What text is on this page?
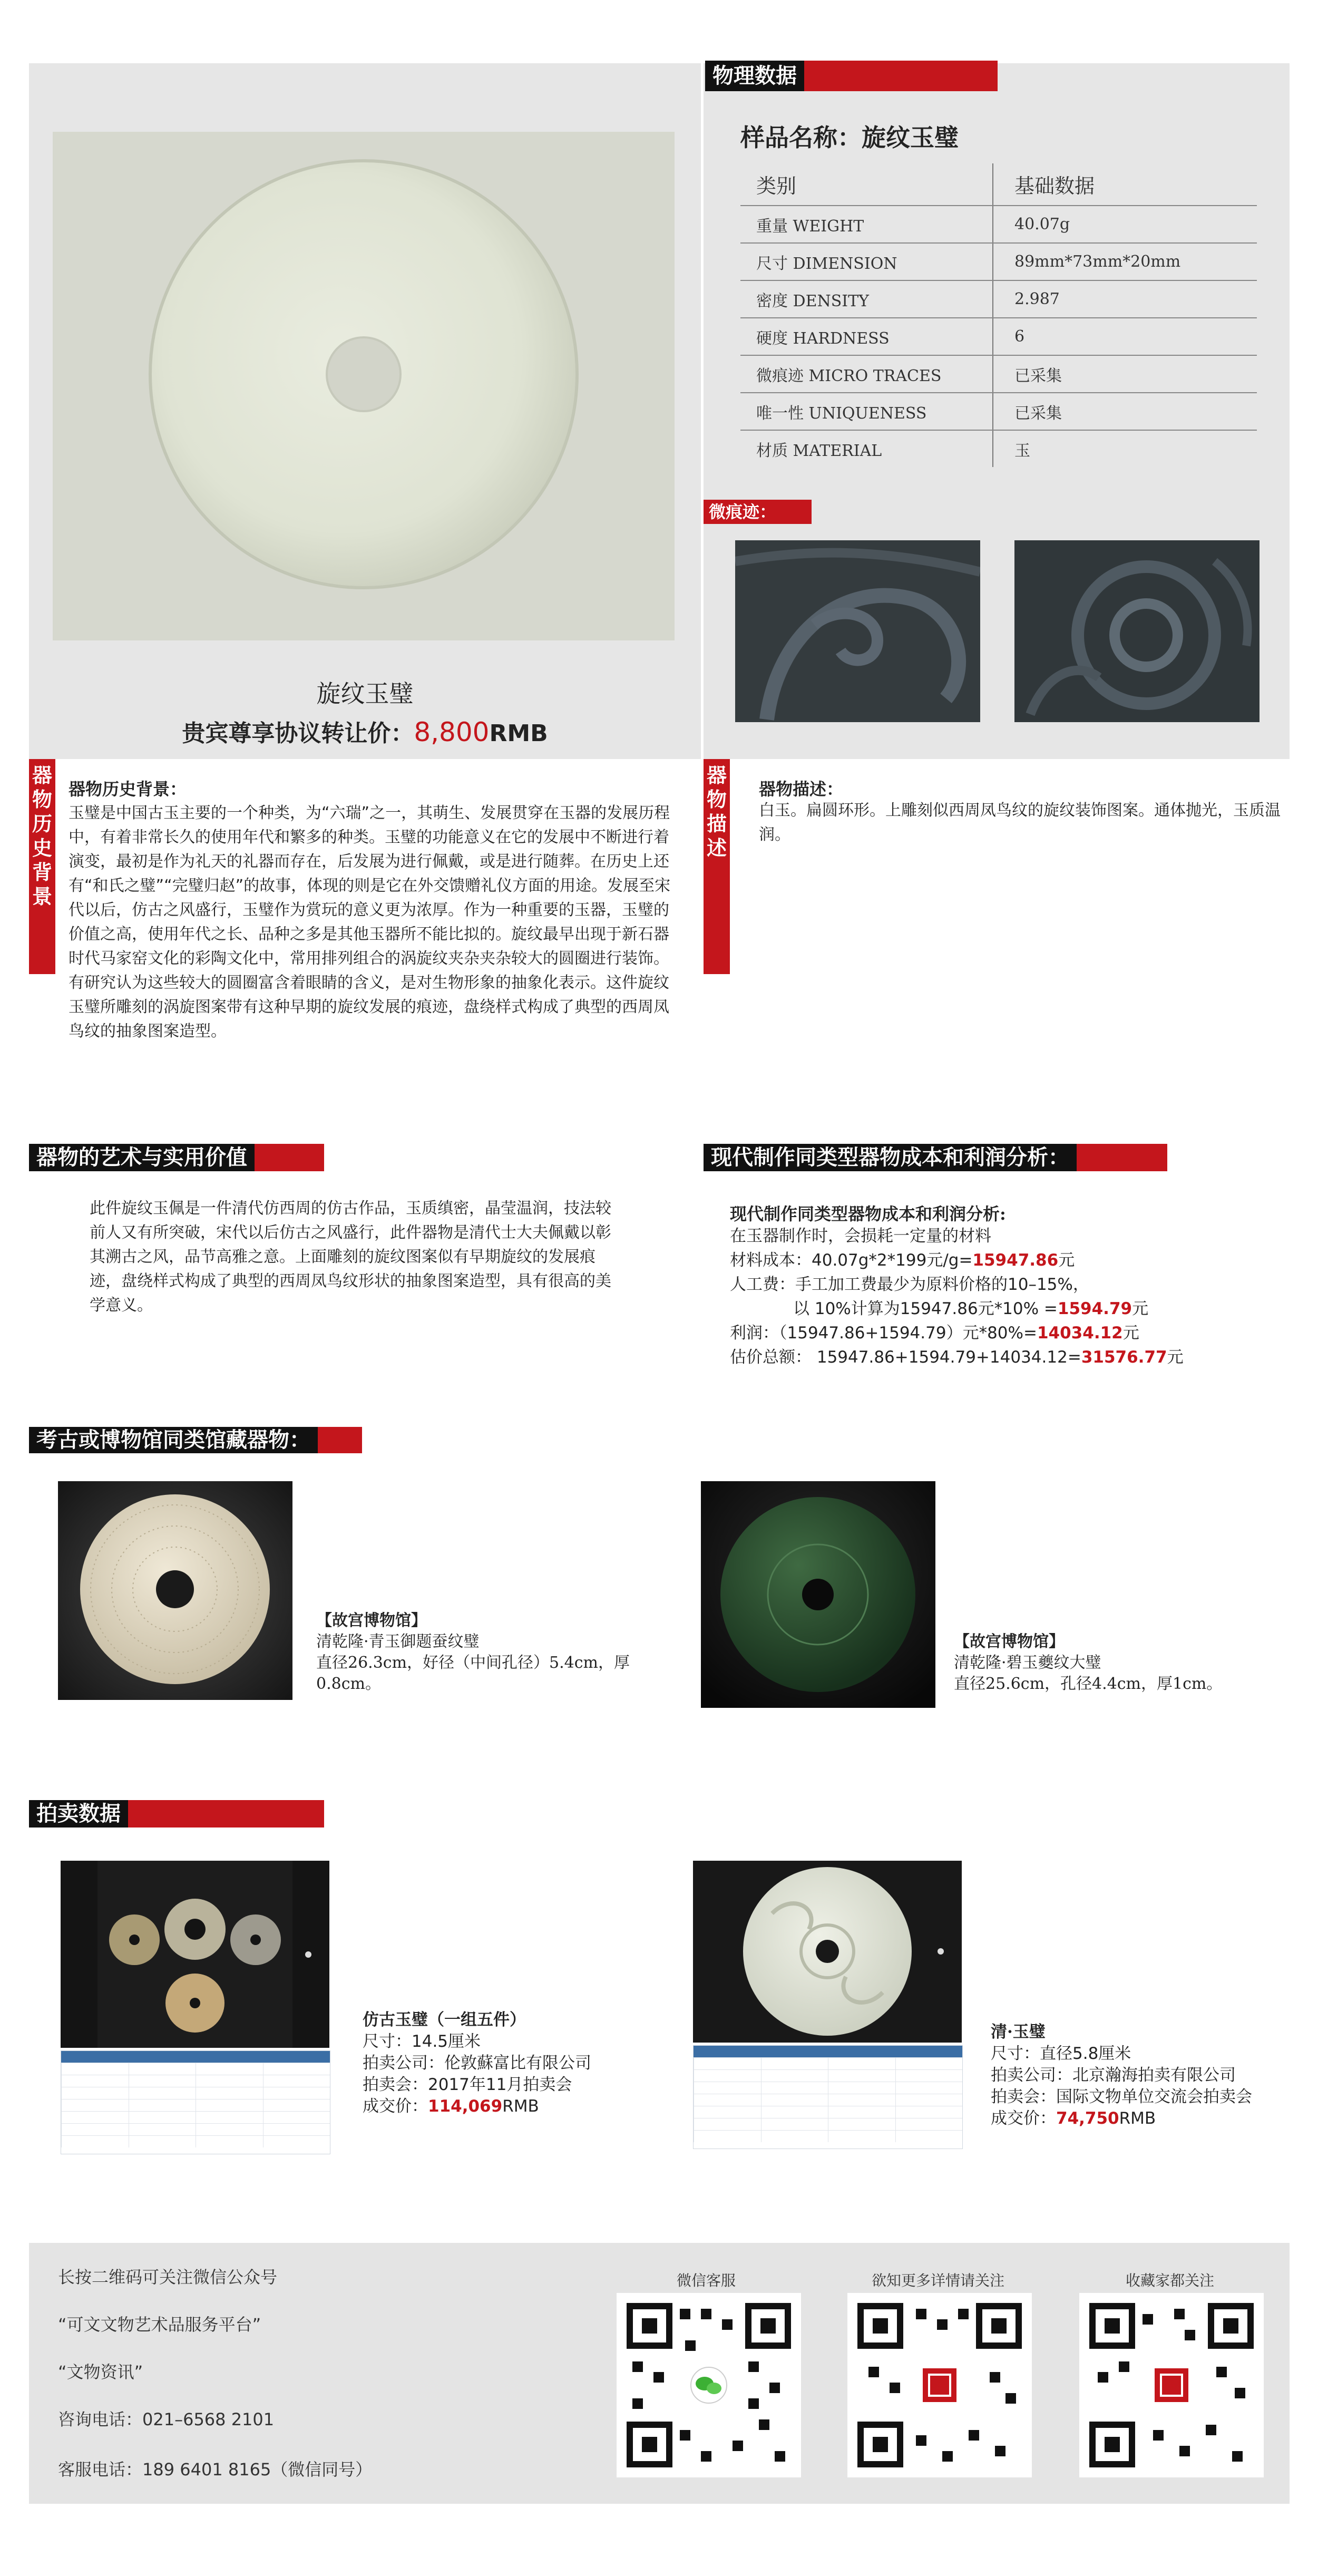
旋纹玉璧
贵宾尊享协议转让价：8,800RMB
物理数据
样品名称：旋纹玉璧
类别	基础数据
重量 WEIGHT	40.07g
尺寸 DIMENSION	89mm*73mm*20mm
密度 DENSITY	2.987
硬度 HARDNESS	6
微痕迹 MICRO TRACES	已采集
唯一性 UNIQUENESS	已采集
材质 MATERIAL	玉
微痕迹：
器物历史背景
器物历史背景：
玉璧是中国古玉主要的一个种类，为“六瑞”之一，其萌生、发展贯穿在玉器的发展历程中，有着非常长久的使用年代和繁多的种类。玉璧的功能意义在它的发展中不断进行着演变，最初是作为礼天的礼器而存在，后发展为进行佩戴，或是进行随葬。在历史上还有“和氏之璧”“完璧归赵”的故事，体现的则是它在外交馈赠礼仪方面的用途。发展至宋代以后，仿古之风盛行，玉璧作为赏玩的意义更为浓厚。作为一种重要的玉器，玉璧的价值之高，使用年代之长、品种之多是其他玉器所不能比拟的。旋纹最早出现于新石器时代马家窑文化的彩陶文化中，常用排列组合的涡旋纹夹杂夹杂较大的圆圈进行装饰。有研究认为这些较大的圆圈富含着眼睛的含义，是对生物形象的抽象化表示。这件旋纹玉璧所雕刻的涡旋图案带有这种早期的旋纹发展的痕迹，盘绕样式构成了典型的西周凤鸟纹的抽象图案造型。
器物描述
器物描述：
白玉。扁圆环形。上雕刻似西周凤鸟纹的旋纹装饰图案。通体抛光，玉质温润。
器物的艺术与实用价值
此件旋纹玉佩是一件清代仿西周的仿古作品，玉质缜密，晶莹温润，技法较前人又有所突破，宋代以后仿古之风盛行，此件器物是清代士大夫佩戴以彰其溯古之风，品节高雅之意。上面雕刻的旋纹图案似有早期旋纹的发展痕迹，盘绕样式构成了典型的西周凤鸟纹形状的抽象图案造型，具有很高的美学意义。
现代制作同类型器物成本和利润分析：
现代制作同类型器物成本和利润分析:
在玉器制作时，会损耗一定量的材料
材料成本：40.07g*2*199元/g=15947.86元
人工费：手工加工费最少为原料价格的10–15%，
以 10%计算为15947.86元*10% =1594.79元
利润：（15947.86+1594.79）元*80%=14034.12元
估价总额： 15947.86+1594.79+14034.12=31576.77元
考古或博物馆同类馆藏器物：
【故宫博物馆】
清乾隆·青玉御题蚕纹璧
直径26.3cm，好径（中间孔径）5.4cm，厚0.8cm。
【故宫博物馆】
清乾隆·碧玉夔纹大璧
直径25.6cm，孔径4.4cm，厚1cm。
拍卖数据
仿古玉璧（一组五件）
尺寸：14.5厘米
拍卖公司：伦敦蘇富比有限公司
拍卖会：2017年11月拍卖会
成交价：114,069RMB
清·玉璧
尺寸：直径5.8厘米
拍卖公司：北京瀚海拍卖有限公司
拍卖会：国际文物单位交流会拍卖会
成交价：74,750RMB
长按二维码可关注微信公众号
“可文文物艺术品服务平台”
“文物资讯”
咨询电话：021–6568 2101
客服电话：189 6401 8165（微信同号）
微信客服	欲知更多详情请关注	收藏家都关注
